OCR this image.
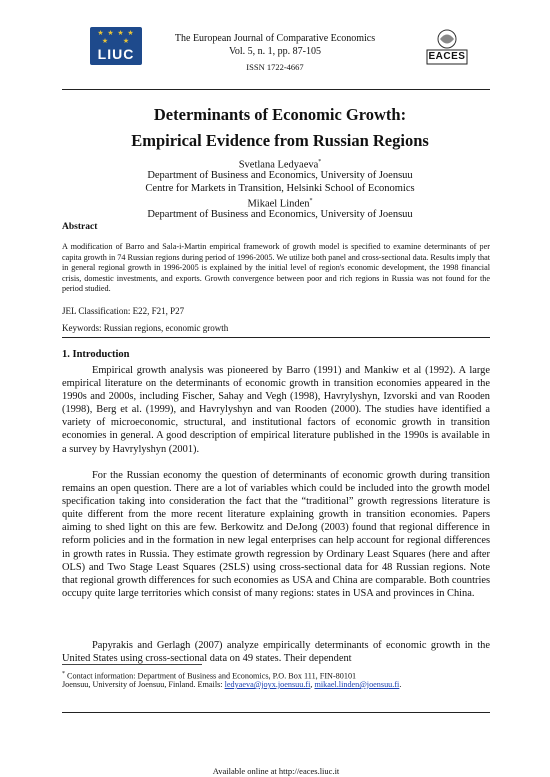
★ ★ ★ ★
★     ★
LIUC
The European Journal of Comparative Economics
Vol. 5, n. 1, pp. 87-105
ISSN 1722-4667
EACES
Determinants of Economic Growth:
Empirical Evidence from Russian Regions
Svetlana Ledyaeva*
Department of Business and Economics, University of Joensuu
Centre for Markets in Transition, Helsinki School of Economics
Mikael Linden*
Department of Business and Economics, University of Joensuu
Abstract
A modification of Barro and Sala-i-Martin empirical framework of growth model is specified to examine determinants of per capita growth in 74 Russian regions during period of 1996-2005. We utilize both panel and cross-sectional data. Results imply that in general regional growth in 1996-2005 is explained by the initial level of region's economic development, the 1998 financial crisis, domestic investments, and exports. Growth convergence between poor and rich regions in Russia was not found for the period studied.
JEL Classification: E22, F21, P27
Keywords: Russian regions, economic growth
1. Introduction
Empirical growth analysis was pioneered by Barro (1991) and Mankiw et al (1992). A large empirical literature on the determinants of economic growth in transition economies appeared in the 1990s and 2000s, including Fischer, Sahay and Vegh (1998), Havrylyshyn, Izvorski and van Rooden (1998), Berg et al. (1999), and Havrylyshyn and van Rooden (2000). The studies have identified a variety of microeconomic, structural, and institutional factors of economic growth in transition economies in general. A good description of empirical literature published in the 1990s is available in a survey by Havrylyshyn (2001).
For the Russian economy the question of determinants of economic growth during transition remains an open question. There are a lot of variables which could be included into the growth model specification taking into consideration the fact that the “traditional” growth regressions literature is quite different from the more recent literature explaining growth in transition economies. Papers aiming to shed light on this are few. Berkowitz and DeJong (2003) found that regional difference in reform policies and in the formation in new legal enterprises can help account for regional differences in growth rates in Russia. They estimate growth regression by Ordinary Least Squares (here and after OLS) and Two Stage Least Squares (2SLS) using cross-sectional data for 48 Russian regions. Note that regional growth differences for such economies as USA and China are comparable. Both countries occupy quite large territories which consist of many regions: states in USA and provinces in China.
Papyrakis and Gerlagh (2007) analyze empirically determinants of economic growth in the United States using cross-sectional data on 49 states. Their dependent
* Contact information: Department of Business and Economics, P.O. Box 111, FIN-80101
Joensuu, University of Joensuu, Finland. Emails: ledyaeva@joyx.joensuu.fi, mikael.linden@joensuu.fi.
Available online at http://eaces.liuc.it
